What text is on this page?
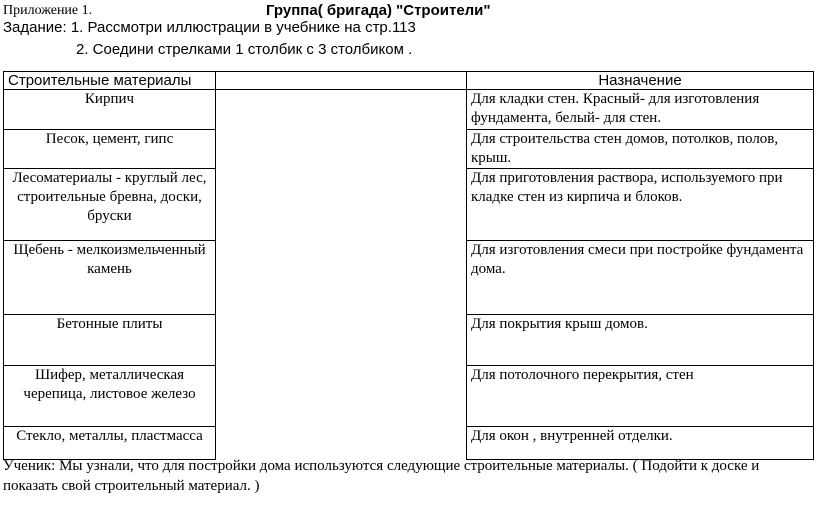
Приложение 1.	Группа( бригада) "Строители"
Задание: 1. Рассмотри иллюстрации в учебнике на стр.113
2. Соедини стрелками 1 столбик с 3 столбиком .
Строительные материалы		Назначение
Кирпич		Для кладки стен. Красный- для изготовления фундамента, белый- для стен.
Песок, цемент, гипс		Для строительства стен домов, потолков, полов, крыш.
Лесоматериалы - круглый лес, строительные бревна, доски, бруски		Для приготовления раствора, используемого при кладке стен из кирпича и блоков.
Щебень - мелкоизмельченный камень		Для изготовления смеси при постройке фундамента дома.
Бетонные плиты		Для покрытия крыш домов.
Шифер, металлическая черепица, листовое железо		Для потолочного перекрытия, стен
Стекло, металлы, пластмасса		Для окон , внутренней отделки.
Ученик: Мы узнали, что для постройки дома используются следующие строительные материалы. ( Подойти к доске и показать свой строительный материал. )
